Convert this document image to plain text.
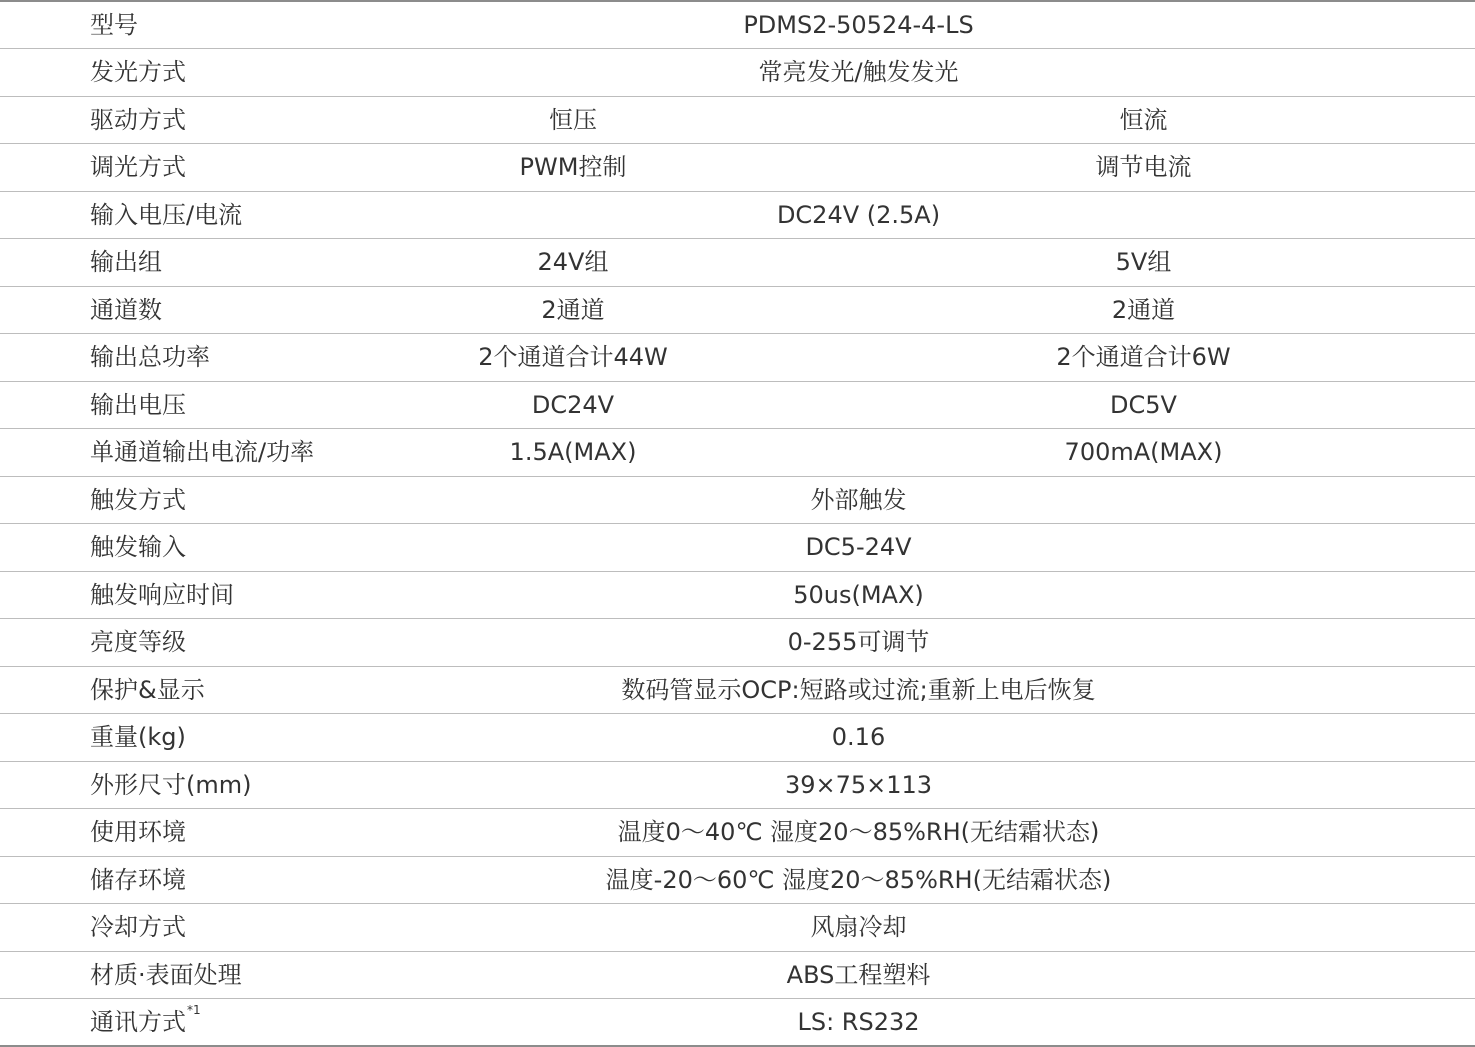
型号	PDMS2-50524-4-LS	
发光方式	常亮发光/触发发光	
驱动方式	恒压	恒流
调光方式	PWM控制	调节电流
输入电压/电流	DC24V (2.5A)	
输出组	24V组	5V组
通道数	2通道	2通道
输出总功率	2个通道合计44W	2个通道合计6W
输出电压	DC24V	DC5V
单通道输出电流/功率	1.5A(MAX)	700mA(MAX)
触发方式	外部触发	
触发输入	DC5-24V	
触发响应时间	50us(MAX)	
亮度等级	0-255可调节	
保护&显示	数码管显示OCP:短路或过流;重新上电后恢复	
重量(kg)	0.16	
外形尺寸(mm)	39×75×113	
使用环境	温度0～40℃ 湿度20～85%RH(无结霜状态)	
储存环境	温度-20～60℃ 湿度20～85%RH(无结霜状态)	
冷却方式	风扇冷却	
材质·表面处理	ABS工程塑料	
通讯方式$^{*1}$	LS: RS232	
